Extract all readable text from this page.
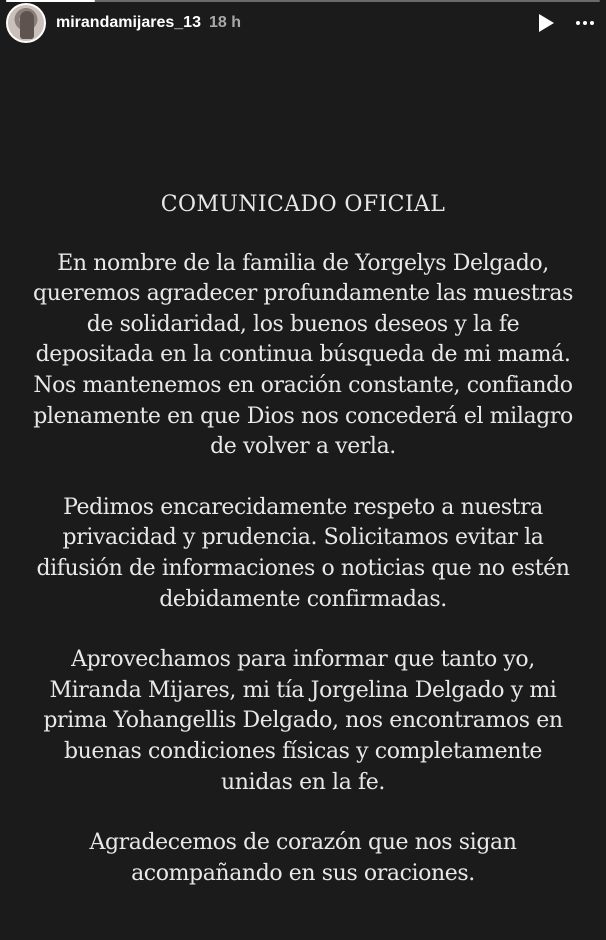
mirandamijares_13 18 h
COMUNICADO OFICIAL
En nombre de la familia de Yorgelys Delgado,
queremos agradecer profundamente las muestras
de solidaridad, los buenos deseos y la fe
depositada en la continua búsqueda de mi mamá.
Nos mantenemos en oración constante, confiando
plenamente en que Dios nos concederá el milagro
de volver a verla.
Pedimos encarecidamente respeto a nuestra
privacidad y prudencia. Solicitamos evitar la
difusión de informaciones o noticias que no estén
debidamente confirmadas.
Aprovechamos para informar que tanto yo,
Miranda Mijares, mi tía Jorgelina Delgado y mi
prima Yohangellis Delgado, nos encontramos en
buenas condiciones físicas y completamente
unidas en la fe.
Agradecemos de corazón que nos sigan
acompañando en sus oraciones.
